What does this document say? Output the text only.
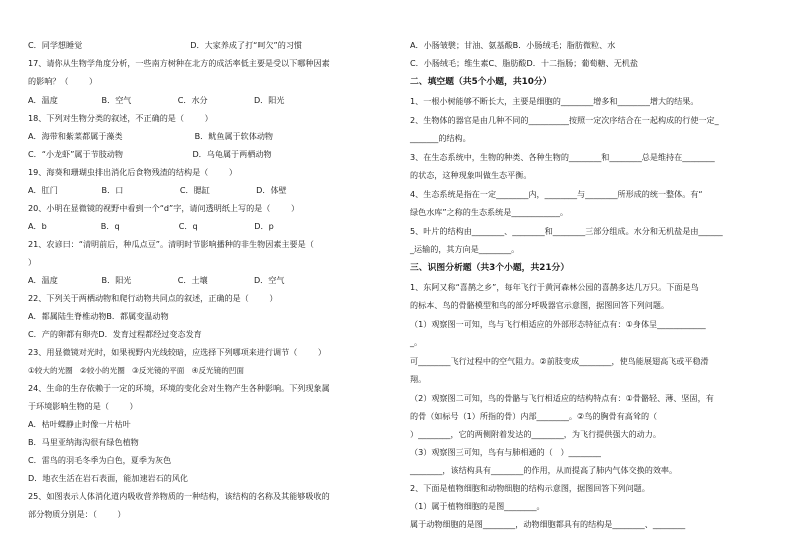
C．同学想睡觉                                          D．大家养成了打“呵欠”的习惯
17、请你从生物学角度分析，一些南方树种在北方的成活率低主要是受以下哪种因素
的影响？（        ）
A．温度                 B．空气                  C．水分                  D．阳光
18、下列对生物分类的叙述，不正确的是（        ）
A．海带和紫菜都属于藻类                            B．鱿鱼属于软体动物
C．“小龙虾”属于节肢动物                           D．乌龟属于两栖动物
19、海葵和珊瑚虫排出消化后食物残渣的结构是（        ）
A．肛门                 B．口                      C．腮缸                  D．体壁
20、小明在显微镜的视野中看到一个“d”字，请问透明纸上写的是（        ）
A．b                     B．q                       C．q                      D．p
21、农谚曰：“清明前后，种瓜点豆”。清明时节影响播种的非生物因素主要是（
）
A．温度                 B．阳光                  C．土壤                  D．空气
22、下列关于两栖动物和爬行动物共同点的叙述，正确的是（        ）
A．都属陆生脊椎动物B．都属变温动物
C．产的卵都有卵壳D．发育过程都经过变态发育
23、用显微镜对光时，如果视野内光线较暗，应选择下列哪项来进行调节（        ）
①较大的光圈   ②较小的光圈   ③反光镜的平面   ④反光镜的凹面
24、生命的生存依赖于一定的环境，环境的变化会对生物产生各种影响。下列现象属
于环境影响生物的是（        ）
A．枯叶蝶静止时像一片枯叶
B．马里亚纳海沟很有绿色植物
C．雷鸟的羽毛冬季为白色，夏季为灰色
D．地衣生活在岩石表面，能加速岩石的风化
25、如图表示人体消化道内吸收营养物质的一种结构，该结构的名称及其能够吸收的
部分物质分别是：（        ）
A．小肠皱襞；甘油、氨基酸B．小肠绒毛；脂肪微粒、水
C．小肠绒毛；维生素C、脂肪酸D．十二指肠；葡萄糖、无机盐
二、填空题（共5个小题，共10分）
1、一根小树能够不断长大，主要是细胞的________增多和________增大的结果。
2、生物体的器官是由几种不同的__________按照一定次序结合在一起构成的行使一定_
_______的结构。
3、在生态系统中，生物的种类、各种生物的________和________总是维持在________
的状态，这种现象叫做生态平衡。
4、生态系统是指在一定________内，________与________所形成的统一整体。有“
绿色水库”之称的生态系统是____________。
5、叶片的结构由________、________和________三部分组成。水分和无机盐是由______
_运输的，其方向是________。
三、识图分析题（共3个小题，共21分）
1、东阿又称“喜鹊之乡”，每年飞行于黄河森林公园的喜鹊多达几万只。下面是鸟
的标本、鸟的骨骼模型和鸟的部分呼吸器官示意图，据图回答下列问题。
（1）观察图一可知，鸟与飞行相适应的外部形态特征点有：①身体呈____________
_。
可________飞行过程中的空气阻力。②前肢变成________，使鸟能展翅高飞或平稳滑
翔。
（2）观察图二可知，鸟的骨骼与飞行相适应的结构特点有：①骨骼轻、薄、坚固，有
的骨（如标号（1）所指的骨）内部________。②鸟的胸骨有高耸的（
）________，它的两侧附着发达的________，为飞行提供强大的动力。
（3）观察图三可知，鸟有与肺相通的（   ）________
________，该结构具有________的作用，从而提高了肺内气体交换的效率。
2、下面是植物细胞和动物细胞的结构示意图，据图回答下列问题。
（1）属于植物细胞的是图________。
属于动物细胞的是图________，动物细胞都具有的结构是________、________
